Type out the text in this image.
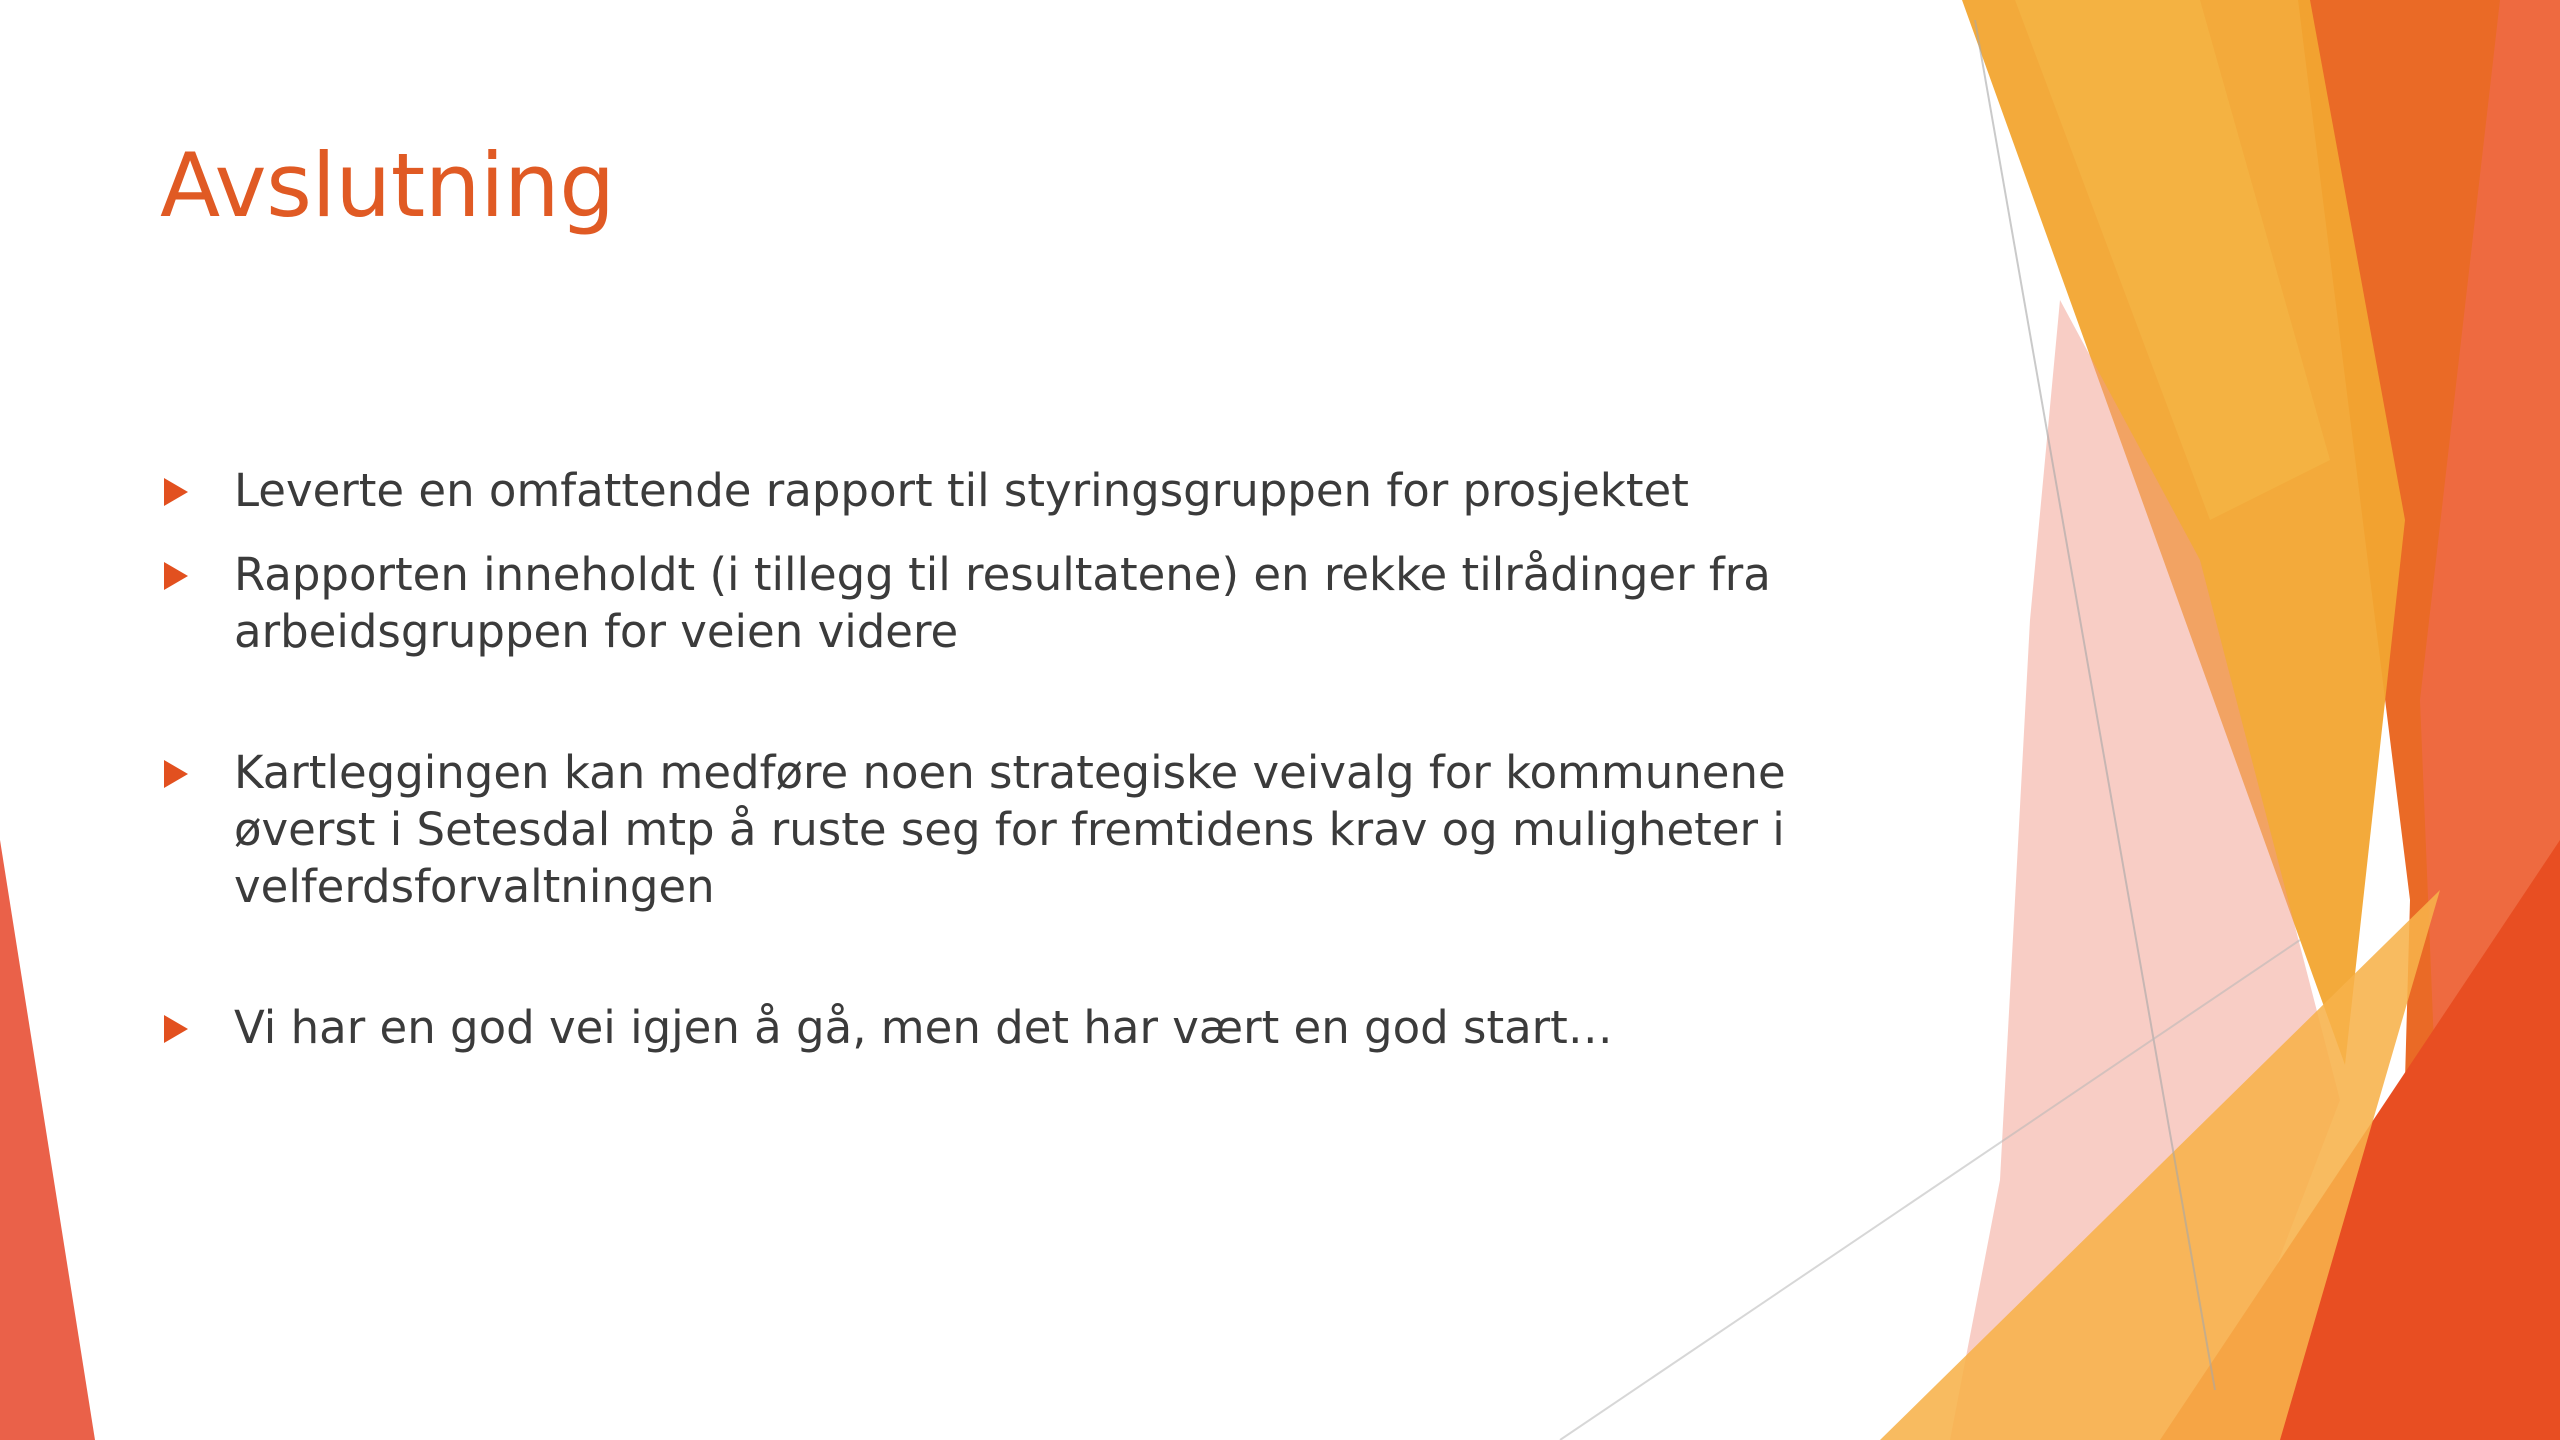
Avslutning
Leverte en omfattende rapport til styringsgruppen for prosjektet
Rapporten inneholdt (i tillegg til resultatene) en rekke tilrådinger fra arbeidsgruppen for veien videre
Kartleggingen kan medføre noen strategiske veivalg for kommunene øverst i Setesdal mtp å ruste seg for fremtidens krav og muligheter i velferdsforvaltningen
Vi har en god vei igjen å gå, men det har vært en god start…
